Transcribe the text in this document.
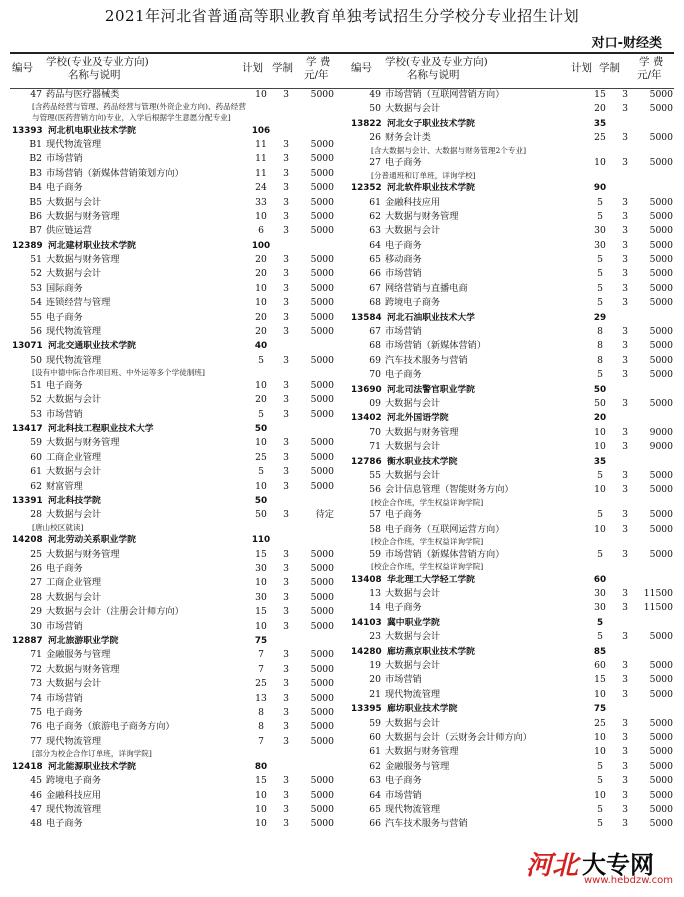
2021年河北省普通高等职业教育单独考试招生分学校分专业招生计划
对口-财经类
编号 学校(专业及专业方向)
名称与说明
计划 学制 学 费
元/年
47 药品与医疗器械类	10	3	5000
[含药品经营与管理、药品经营与管理(外资企业方向)、药品经营与管理(医药营销方向)专业，入学后根据学生意愿分配专业]
13393 河北机电职业技术学院	106
B1 现代物流管理	11	3	5000
B2 市场营销	11	3	5000
B3 市场营销（新媒体营销策划方向）	11	3	5000
B4 电子商务	24	3	5000
B5 大数据与会计	33	3	5000
B6 大数据与财务管理	10	3	5000
B7 供应链运营	6	3	5000
12389 河北建材职业技术学院	100
51 大数据与财务管理	20	3	5000
52 大数据与会计	20	3	5000
53 国际商务	10	3	5000
54 连锁经营与管理	10	3	5000
55 电子商务	20	3	5000
56 现代物流管理	20	3	5000
13071 河北交通职业技术学院	40
50 现代物流管理	5	3	5000
[设有中德中际合作项目班、中外运等多个学徒制班]
51 电子商务	10	3	5000
52 大数据与会计	20	3	5000
53 市场营销	5	3	5000
13417 河北科技工程职业技术大学	50
59 大数据与财务管理	10	3	5000
60 工商企业管理	25	3	5000
61 大数据与会计	5	3	5000
62 财富管理	10	3	5000
13391 河北科技学院	50
28 大数据与会计	50	3	待定
[唐山校区就读]
14208 河北劳动关系职业学院	110
25 大数据与财务管理	15	3	5000
26 电子商务	30	3	5000
27 工商企业管理	10	3	5000
28 大数据与会计	30	3	5000
29 大数据与会计（注册会计师方向）	15	3	5000
30 市场营销	10	3	5000
12887 河北旅游职业学院	75
71 金融服务与管理	7	3	5000
72 大数据与财务管理	7	3	5000
73 大数据与会计	25	3	5000
74 市场营销	13	3	5000
75 电子商务	8	3	5000
76 电子商务（旅游电子商务方向）	8	3	5000
77 现代物流管理	7	3	5000
[部分为校企合作订单班，详询学院]
12418 河北能源职业技术学院	80
45 跨境电子商务	15	3	5000
46 金融科技应用	10	3	5000
47 现代物流管理	10	3	5000
48 电子商务	10	3	5000
编号 学校(专业及专业方向)
名称与说明
计划 学制 学 费
元/年
49 市场营销（互联网营销方向）	15	3	5000
50 大数据与会计	20	3	5000
13822 河北女子职业技术学院	35
26 财务会计类	25	3	5000
[含大数据与会计、大数据与财务管理2个专业]
27 电子商务	10	3	5000
[分普通班和订单班，详询学校]
12352 河北软件职业技术学院	90
61 金融科技应用	5	3	5000
62 大数据与财务管理	5	3	5000
63 大数据与会计	30	3	5000
64 电子商务	30	3	5000
65 移动商务	5	3	5000
66 市场营销	5	3	5000
67 网络营销与直播电商	5	3	5000
68 跨境电子商务	5	3	5000
13584 河北石油职业技术大学	29
67 市场营销	8	3	5000
68 市场营销（新媒体营销）	8	3	5000
69 汽车技术服务与营销	8	3	5000
70 电子商务	5	3	5000
13690 河北司法警官职业学院	50
09 大数据与会计	50	3	5000
13402 河北外国语学院	20
70 大数据与财务管理	10	3	9000
71 大数据与会计	10	3	9000
12786 衡水职业技术学院	35
55 大数据与会计	5	3	5000
56 会计信息管理（智能财务方向）	10	3	5000
[校企合作班，学生权益详询学院]
57 电子商务	5	3	5000
58 电子商务（互联网运营方向）	10	3	5000
[校企合作班，学生权益详询学院]
59 市场营销（新媒体营销方向）	5	3	5000
[校企合作班，学生权益详询学院]
13408 华北理工大学轻工学院	60
13 大数据与会计	30	3	11500
14 电子商务	30	3	11500
14103 冀中职业学院	5
23 大数据与会计	5	3	5000
14280 廊坊燕京职业技术学院	85
19 大数据与会计	60	3	5000
20 市场营销	15	3	5000
21 现代物流管理	10	3	5000
13395 廊坊职业技术学院	75
59 大数据与会计	25	3	5000
60 大数据与会计（云财务会计师方向）	10	3	5000
61 大数据与财务管理	10	3	5000
62 金融服务与管理	5	3	5000
63 电子商务	5	3	5000
64 市场营销	10	3	5000
65 现代物流管理	5	3	5000
66 汽车技术服务与营销	5	3	5000
河北 大专网
www.hebdzw.com
